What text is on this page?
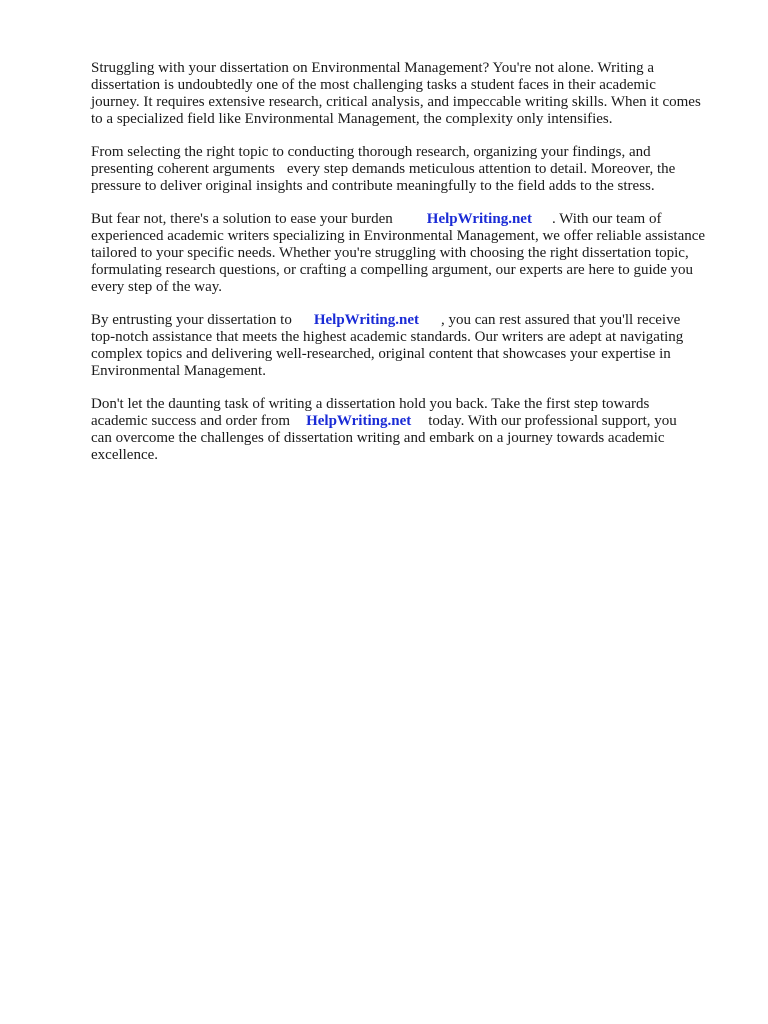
Struggling with your dissertation on Environmental Management? You're not alone. Writing a
dissertation is undoubtedly one of the most challenging tasks a student faces in their academic
journey. It requires extensive research, critical analysis, and impeccable writing skills. When it comes
to a specialized field like Environmental Management, the complexity only intensifies.
From selecting the right topic to conducting thorough research, organizing your findings, and
presenting coherent arguments every step demands meticulous attention to detail. Moreover, the
pressure to deliver original insights and contribute meaningfully to the field adds to the stress.
But fear not, there's a solution to ease your burden HelpWriting.net . With our team of
experienced academic writers specializing in Environmental Management, we offer reliable assistance
tailored to your specific needs. Whether you're struggling with choosing the right dissertation topic,
formulating research questions, or crafting a compelling argument, our experts are here to guide you
every step of the way.
By entrusting your dissertation to HelpWriting.net , you can rest assured that you'll receive
top-notch assistance that meets the highest academic standards. Our writers are adept at navigating
complex topics and delivering well-researched, original content that showcases your expertise in
Environmental Management.
Don't let the daunting task of writing a dissertation hold you back. Take the first step towards
academic success and order from HelpWriting.net today. With our professional support, you
can overcome the challenges of dissertation writing and embark on a journey towards academic
excellence.
